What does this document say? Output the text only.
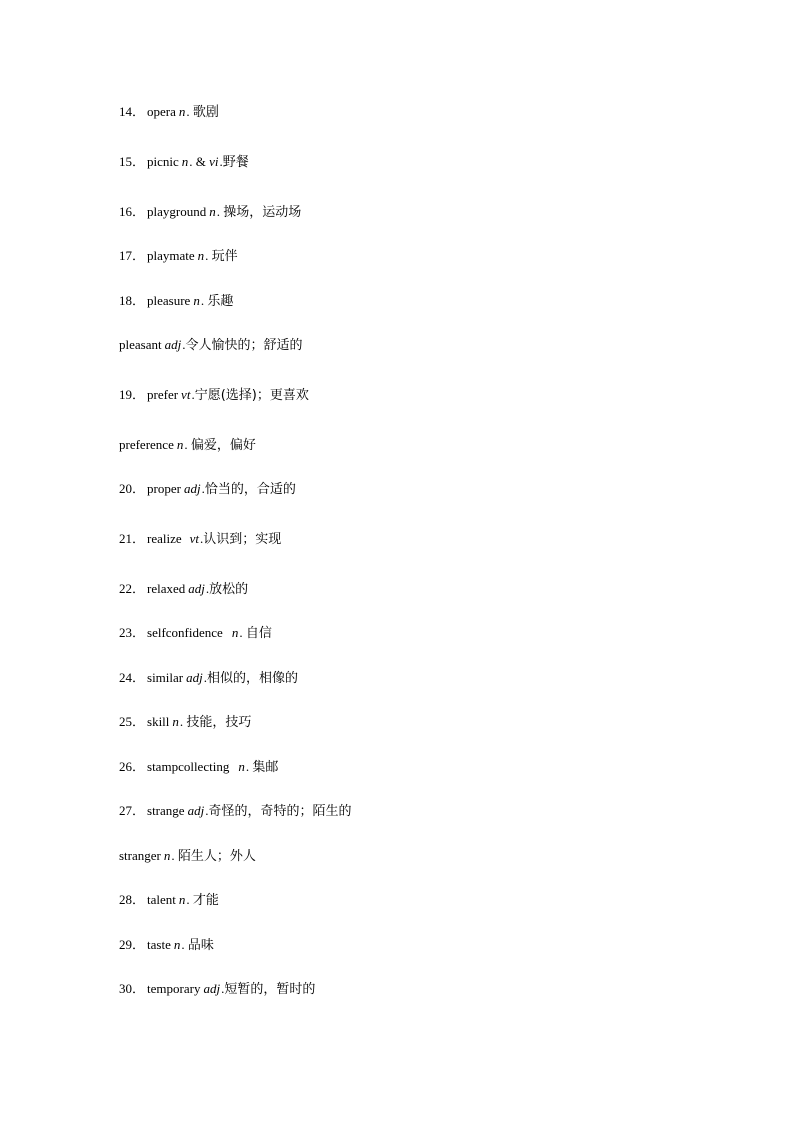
14． opera n. 歌剧
15． picnic n. & vi.野餐
16． playground n. 操场，运动场
17． playmate n. 玩伴
18． pleasure n. 乐趣
pleasant adj.令人愉快的；舒适的
19． prefer vt.宁愿(选择)；更喜欢
preference n. 偏爱，偏好
20． proper adj.恰当的，合适的
21． realize vt.认识到；实现
22． relaxed adj.放松的
23． selfconfidence n. 自信
24． similar adj.相似的，相像的
25． skill n. 技能，技巧
26． stampcollecting n. 集邮
27． strange adj.奇怪的，奇特的；陌生的
stranger n. 陌生人；外人
28． talent n. 才能
29． taste n. 品味
30． temporary adj.短暂的，暂时的
